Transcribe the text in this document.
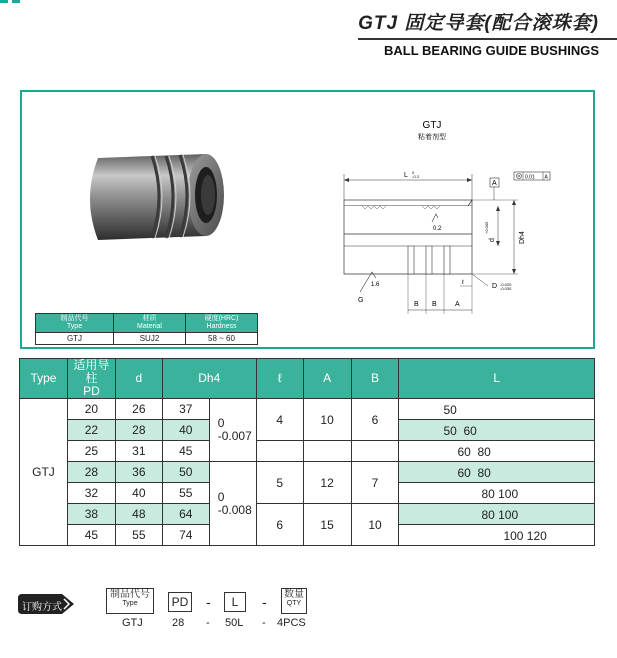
GTJ 固定导套(配合滚珠套)
BALL BEARING GUIDE BUSHINGS
GTJ
粘着剂型
L 0
-0.3
0.2
Dh4
d
+0.005
A
0.01 A
1.6
G
D -0.020
-0.030
B B	A
ℓ
制品代号
Type	材质
Material	硬度(HRC)
Hardness
GTJ	SUJ2	58 ~ 60
Type	适用导柱
PD	d	Dh4		ℓ	A	B	L
GTJ	20	26	37	0
-0.007	4	10	6	50

	22	28	40					50  60

	25	31	45					60  80

	28	36	50	0
-0.008	5	12	7	60  80

	32	40	55					80 100

	38	48	64		6	15	10	80 100

	45	55	74					100 120
订购方式
制品代号
Type	PD -	L	- 数量
QTY
GTJ	28 - 50L - 4PCS
